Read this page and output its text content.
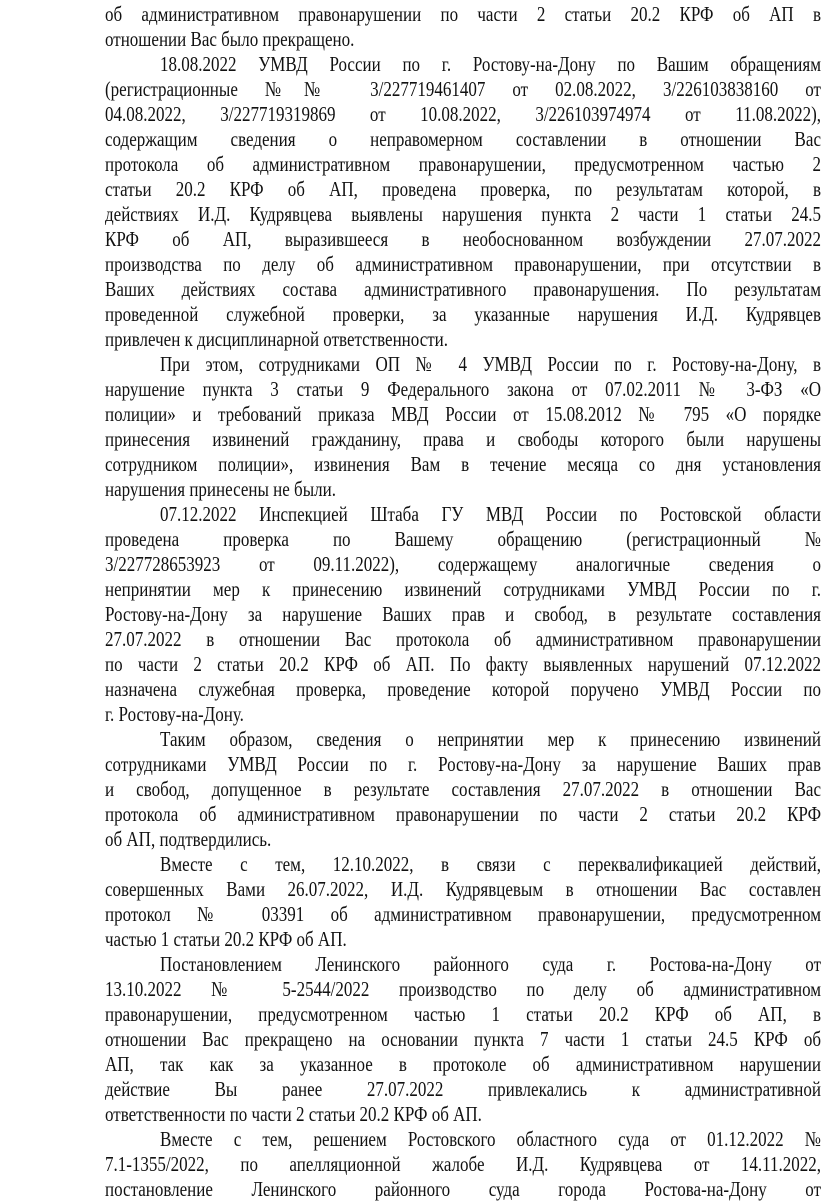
об административном правонарушении по части 2 статьи 20.2 КРФ об АП в
отношении Вас было прекращено.
18.08.2022 УМВД России по г. Ростову-на-Дону по Вашим обращениям
(регистрационные №№ 3/227719461407 от 02.08.2022, 3/226103838160 от
04.08.2022, 3/227719319869 от 10.08.2022, 3/226103974974 от 11.08.2022),
содержащим сведения о неправомерном составлении в отношении Вас
протокола об административном правонарушении, предусмотренном частью 2
статьи 20.2 КРФ об АП, проведена проверка, по результатам которой, в
действиях И.Д. Кудрявцева выявлены нарушения пункта 2 части 1 статьи 24.5
КРФ об АП, выразившееся в необоснованном возбуждении 27.07.2022
производства по делу об административном правонарушении, при отсутствии в
Ваших действиях состава административного правонарушения. По результатам
проведенной служебной проверки, за указанные нарушения И.Д. Кудрявцев
привлечен к дисциплинарной ответственности.
При этом, сотрудниками ОП № 4 УМВД России по г. Ростову-на-Дону, в
нарушение пункта 3 статьи 9 Федерального закона от 07.02.2011 № 3-ФЗ «О
полиции» и требований приказа МВД России от 15.08.2012 № 795 «О порядке
принесения извинений гражданину, права и свободы которого были нарушены
сотрудником полиции», извинения Вам в течение месяца со дня установления
нарушения принесены не были.
07.12.2022 Инспекцией Штаба ГУ МВД России по Ростовской области
проведена проверка по Вашему обращению (регистрационный №
3/227728653923 от 09.11.2022), содержащему аналогичные сведения о
непринятии мер к принесению извинений сотрудниками УМВД России по г.
Ростову-на-Дону за нарушение Ваших прав и свобод, в результате составления
27.07.2022 в отношении Вас протокола об административном правонарушении
по части 2 статьи 20.2 КРФ об АП. По факту выявленных нарушений 07.12.2022
назначена служебная проверка, проведение которой поручено УМВД России по
г. Ростову-на-Дону.
Таким образом, сведения о непринятии мер к принесению извинений
сотрудниками УМВД России по г. Ростову-на-Дону за нарушение Ваших прав
и свобод, допущенное в результате составления 27.07.2022 в отношении Вас
протокола об административном правонарушении по части 2 статьи 20.2 КРФ
об АП, подтвердились.
Вместе с тем, 12.10.2022, в связи с переквалификацией действий,
совершенных Вами 26.07.2022, И.Д. Кудрявцевым в отношении Вас составлен
протокол № 03391 об административном правонарушении, предусмотренном
частью 1 статьи 20.2 КРФ об АП.
Постановлением Ленинского районного суда г. Ростова-на-Дону от
13.10.2022 № 5-2544/2022 производство по делу об административном
правонарушении, предусмотренном частью 1 статьи 20.2 КРФ об АП, в
отношении Вас прекращено на основании пункта 7 части 1 статьи 24.5 КРФ об
АП, так как за указанное в протоколе об административном нарушении
действие Вы ранее 27.07.2022 привлекались к административной
ответственности по части 2 статьи 20.2 КРФ об АП.
Вместе с тем, решением Ростовского областного суда от 01.12.2022 №
7.1-1355/2022, по апелляционной жалобе И.Д. Кудрявцева от 14.11.2022,
постановление Ленинского районного суда города Ростова-на-Дону от
